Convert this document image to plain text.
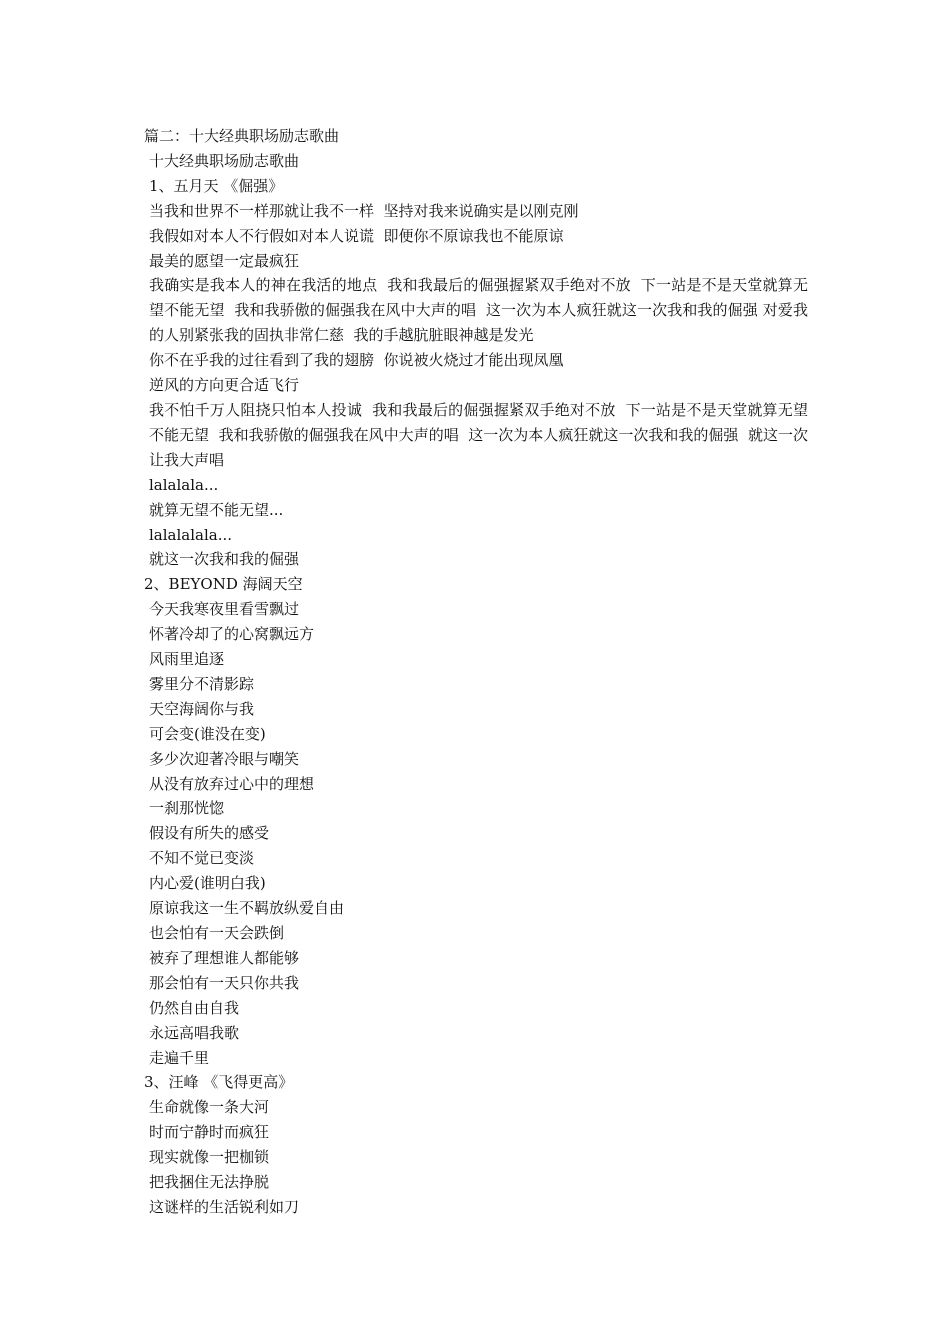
篇二：十大经典职场励志歌曲
十大经典职场励志歌曲
1、五月天 《倔强》
当我和世界不一样那就让我不一样  坚持对我来说确实是以刚克刚
我假如对本人不行假如对本人说谎  即便你不原谅我也不能原谅
最美的愿望一定最疯狂
我确实是我本人的神在我活的地点  我和我最后的倔强握紧双手绝对不放  下一站是不是天堂就算无望不能无望  我和我骄傲的倔强我在风中大声的唱  这一次为本人疯狂就这一次我和我的倔强 对爱我的人别紧张我的固执非常仁慈  我的手越肮脏眼神越是发光
你不在乎我的过往看到了我的翅膀  你说被火烧过才能出现凤凰
逆风的方向更合适飞行
我不怕千万人阻挠只怕本人投诚  我和我最后的倔强握紧双手绝对不放  下一站是不是天堂就算无望不能无望  我和我骄傲的倔强我在风中大声的唱  这一次为本人疯狂就这一次我和我的倔强  就这一次让我大声唱
lalalala...
就算无望不能无望...
lalalalala...
就这一次我和我的倔强
2、BEYOND 海阔天空
今天我寒夜里看雪飘过
怀著冷却了的心窝飘远方
风雨里追逐
雾里分不清影踪
天空海阔你与我
可会变(谁没在变)
多少次迎著冷眼与嘲笑
从没有放弃过心中的理想
一刹那恍惚
假设有所失的感受
不知不觉已变淡
内心爱(谁明白我)
原谅我这一生不羁放纵爱自由
也会怕有一天会跌倒
被弃了理想谁人都能够
那会怕有一天只你共我
仍然自由自我
永远高唱我歌
走遍千里
3、汪峰 《飞得更高》
生命就像一条大河
时而宁静时而疯狂
现实就像一把枷锁
把我捆住无法挣脱
这谜样的生活锐利如刀
